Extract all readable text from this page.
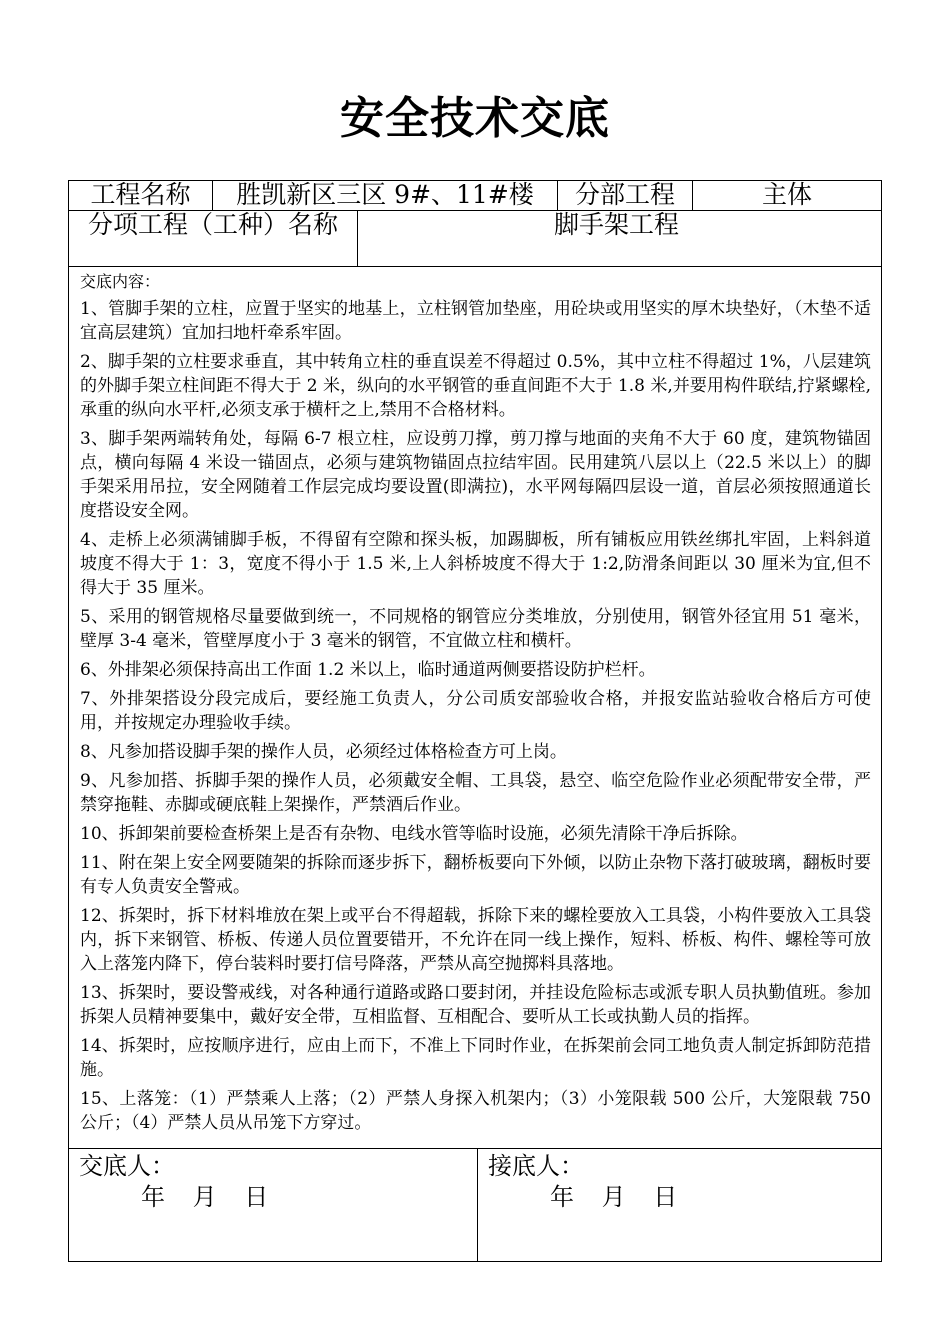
安全技术交底
工程名称	胜凯新区三区 9#、11#楼	分部工程	主体
分项工程（工种）名称	脚手架工程
交底内容：
1、管脚手架的立柱，应置于坚实的地基上，立柱钢管加垫座，用砼块或用坚实的厚木块垫好，（木垫不适宜高层建筑）宜加扫地杆牵系牢固。
2、脚手架的立柱要求垂直，其中转角立柱的垂直误差不得超过 0.5%，其中立柱不得超过 1%，八层建筑的外脚手架立柱间距不得大于 2 米，纵向的水平钢管的垂直间距不大于 1.8 米,并要用构件联结,拧紧螺栓,承重的纵向水平杆,必须支承于横杆之上,禁用不合格材料。
3、脚手架两端转角处，每隔 6-7 根立柱，应设剪刀撑，剪刀撑与地面的夹角不大于 60 度，建筑物锚固点，横向每隔 4 米设一锚固点，必须与建筑物锚固点拉结牢固。民用建筑八层以上（22.5 米以上）的脚手架采用吊拉，安全网随着工作层完成均要设置(即满拉)，水平网每隔四层设一道，首层必须按照通道长度搭设安全网。
4、走桥上必须满铺脚手板，不得留有空隙和探头板，加踢脚板，所有铺板应用铁丝绑扎牢固，上料斜道坡度不得大于 1：3，宽度不得小于 1.5 米,上人斜桥坡度不得大于 1:2,防滑条间距以 30 厘米为宜,但不得大于 35 厘米。
5、采用的钢管规格尽量要做到统一，不同规格的钢管应分类堆放，分别使用，钢管外径宜用 51 毫米，壁厚 3-4 毫米，管壁厚度小于 3 毫米的钢管，不宜做立柱和横杆。
6、外排架必须保持高出工作面 1.2 米以上，临时通道两侧要搭设防护栏杆。
7、外排架搭设分段完成后，要经施工负责人，分公司质安部验收合格，并报安监站验收合格后方可使用，并按规定办理验收手续。
8、凡参加搭设脚手架的操作人员，必须经过体格检查方可上岗。
9、凡参加搭、拆脚手架的操作人员，必须戴安全帽、工具袋，悬空、临空危险作业必须配带安全带，严禁穿拖鞋、赤脚或硬底鞋上架操作，严禁酒后作业。
10、拆卸架前要检查桥架上是否有杂物、电线水管等临时设施，必须先清除干净后拆除。
11、附在架上安全网要随架的拆除而逐步拆下，翻桥板要向下外倾，以防止杂物下落打破玻璃，翻板时要有专人负责安全警戒。
12、拆架时，拆下材料堆放在架上或平台不得超载，拆除下来的螺栓要放入工具袋，小构件要放入工具袋内，拆下来钢管、桥板、传递人员位置要错开，不允许在同一线上操作，短料、桥板、构件、螺栓等可放入上落笼内降下，停台装料时要打信号降落，严禁从高空抛掷料具落地。
13、拆架时，要设警戒线，对各种通行道路或路口要封闭，并挂设危险标志或派专职人员执勤值班。参加拆架人员精神要集中，戴好安全带，互相监督、互相配合、要听从工长或执勤人员的指挥。
14、拆架时，应按顺序进行，应由上而下，不准上下同时作业，在拆架前会同工地负责人制定拆卸防范措施。
15、上落笼：（1）严禁乘人上落；（2）严禁人身探入机架内；（3）小笼限载 500 公斤，大笼限载 750 公斤；（4）严禁人员从吊笼下方穿过。
交底人：
年 月 日
接底人：
年 月 日
